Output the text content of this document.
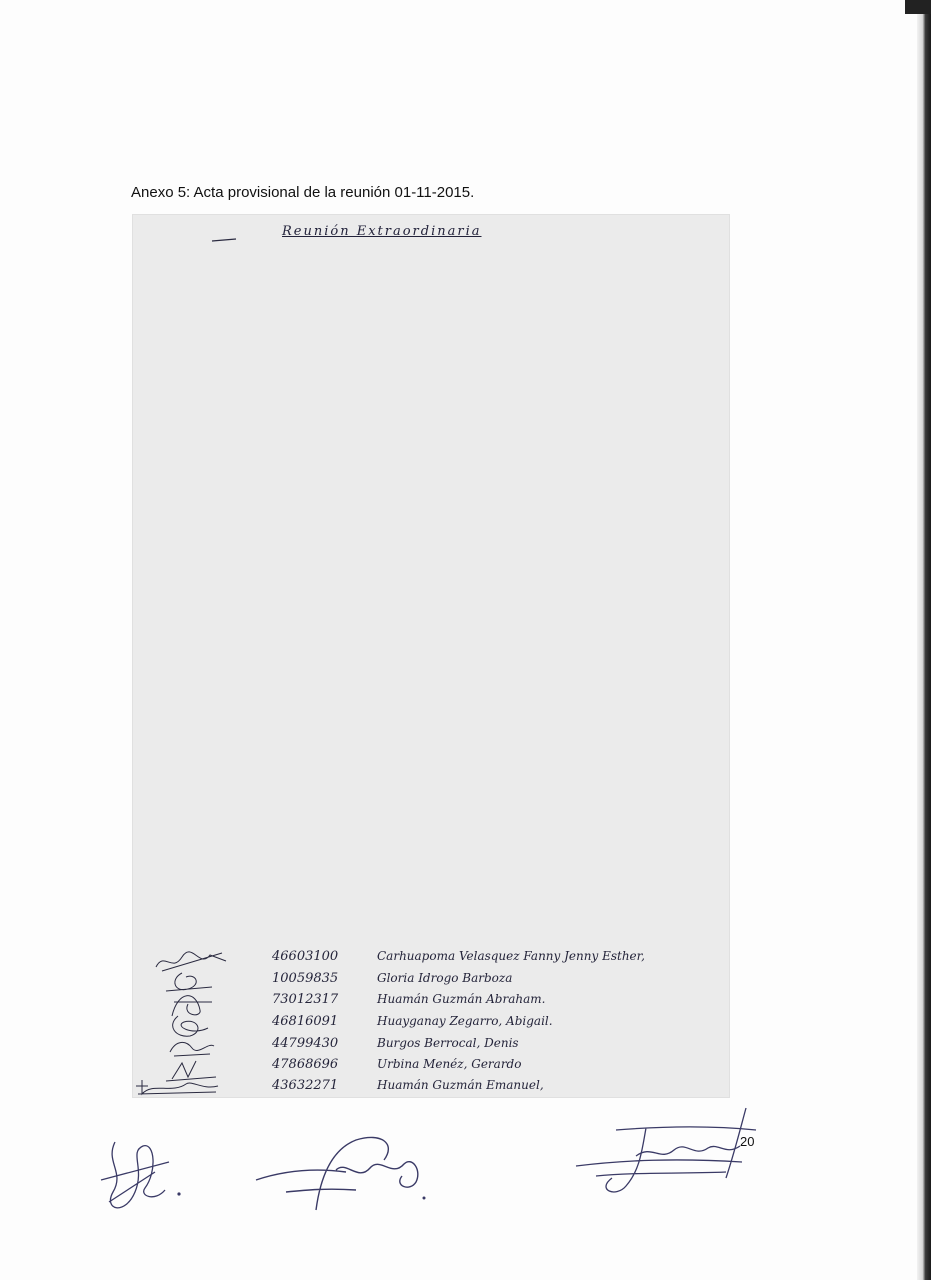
Anexo 5: Acta provisional de la reunión 01-11-2015.
Reunión Extraordinaria
46603100	Carhuapoma Velasquez Fanny Jenny Esther,
10059835	Gloria Idrogo Barboza
73012317	Huamán Guzmán Abraham.
46816091	Huayganay Zegarro, Abigail.
44799430	Burgos Berrocal, Denis
47868696	Urbina Menéz, Gerardo
43632271	Huamán Guzmán Emanuel,
20
